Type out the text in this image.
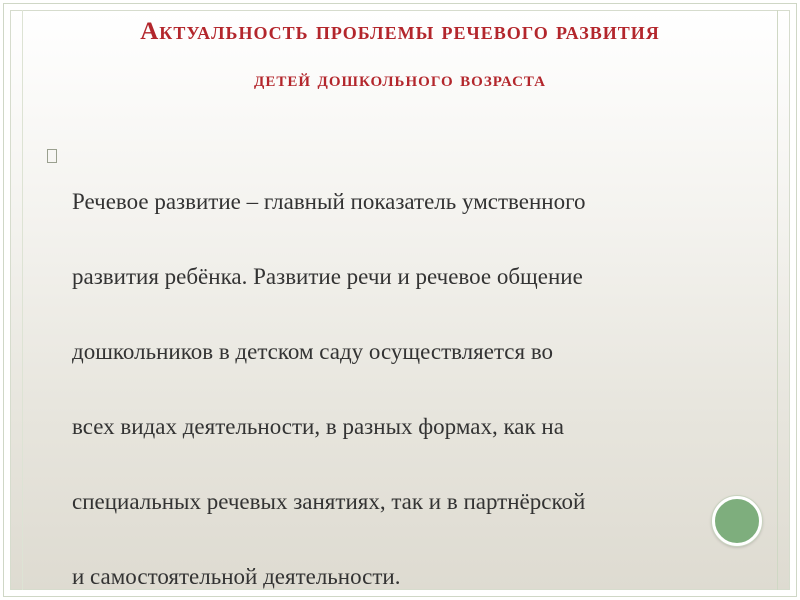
Актуальность проблемы речевого развития
детей дошкольного возраста

Речевое развитие – главный показатель умственного

развития ребёнка. Развитие речи и речевое общение

дошкольников в детском саду осуществляется во

всех видах деятельности, в разных формах, как на

специальных речевых занятиях, так и в партнёрской

и самостоятельной деятельности.
